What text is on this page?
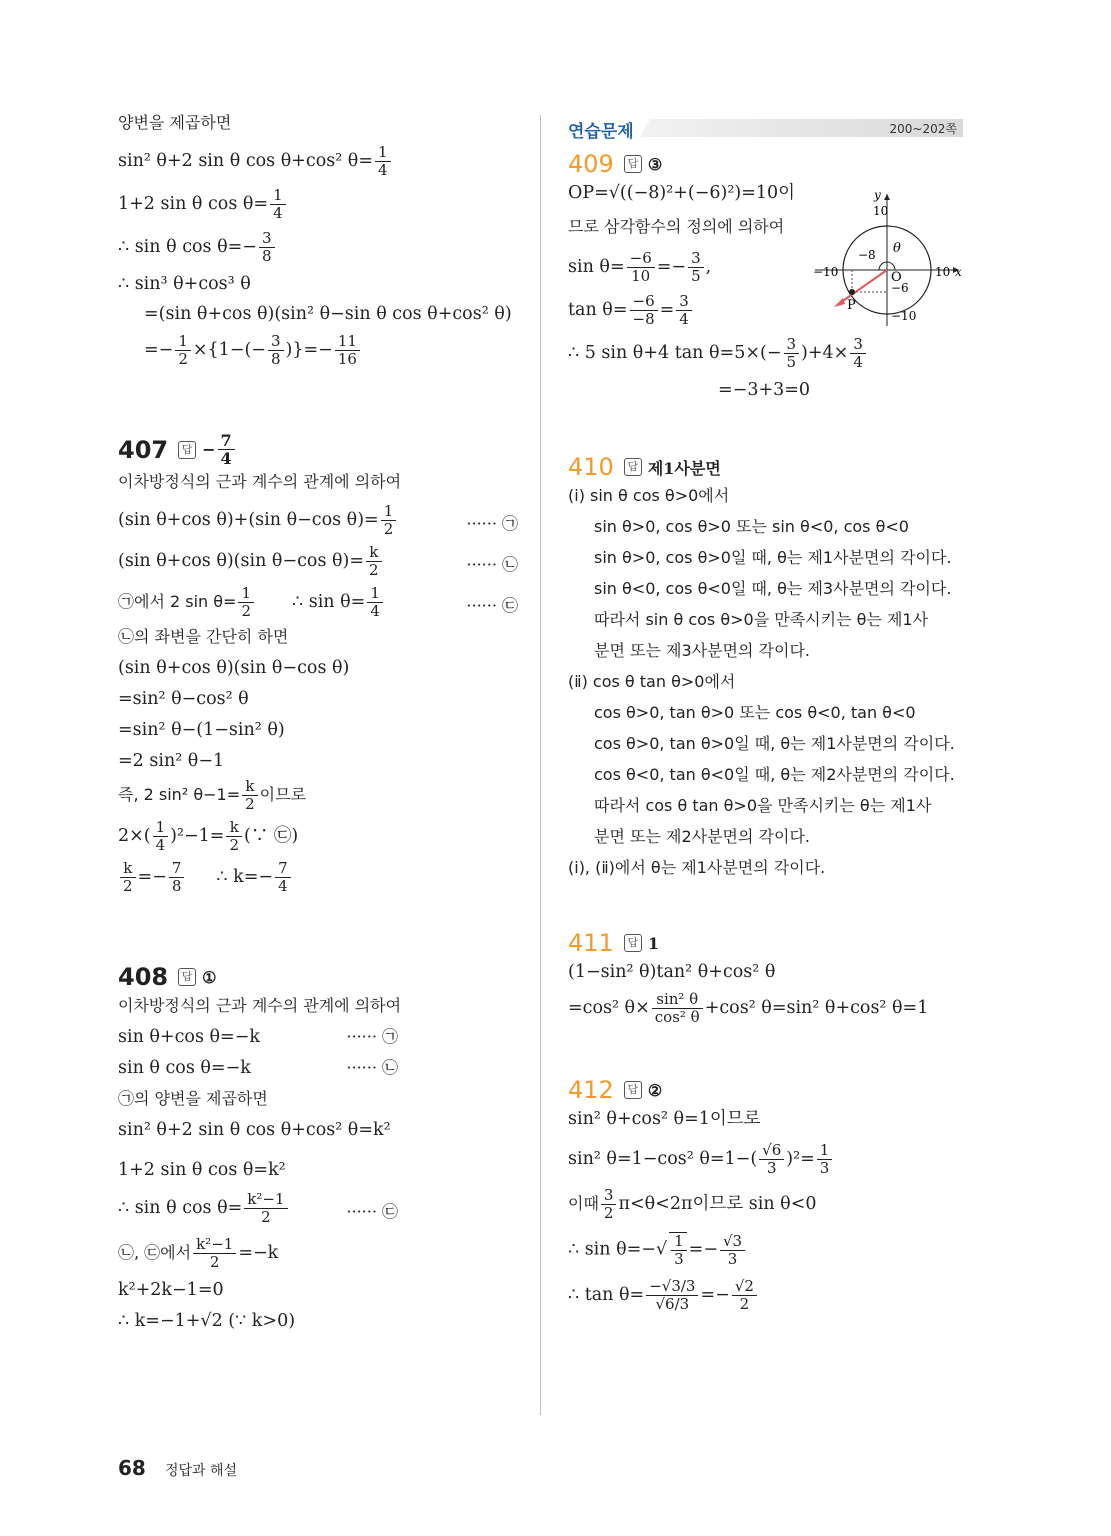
연습문제	200~202쪽
양변을 제곱하면
sin² θ+2 sin θ cos θ+cos² $\theta= \frac{1}{4}$
1+2 sin θ $\cos \theta= \frac{1}{4}$
∴ sin θ $\cos \theta=- \frac{3}{8}$
∴ sin³ θ+cos³ θ
=(sin θ+cos θ)(sin² θ−sin θ cos θ+cos² θ)
=− $\frac{1}{2} \times\{1-(- \frac{3}{8}$ )}=− $\frac{11}{16}$
407	답 − $\frac{7}{4}$
이차방정식의 근과 계수의 관계에 의하여
(sin θ+cos θ)+(sin θ−cos $\theta)= \frac{1}{2}$	······ ㉠
(sin θ+cos θ)(sin θ−cos $\theta)= \frac{k}{2}$	······ ㉡
㉠에서 2 $\sin \theta= \frac{1}{2}$ ∴ $\sin \theta= \frac{1}{4}$	······ ㉢
㉡의 좌변을 간단히 하면
(sin θ+cos θ)(sin θ−cos θ)
=sin² θ−cos² θ
=sin² θ−(1−sin² θ)
=2 sin² θ−1
즉, 2 sin² $\theta-1= \frac{k}{2}$ 이므로
$2\times( \frac{1}{4} )^2-1= \frac{k}{2}$ (∵ ㉢)
$\frac{k}{2} =- \frac{7}{8}$ ∴ $k=- \frac{7}{4}$
408	답 ①
이차방정식의 근과 계수의 관계에 의하여
sin θ+cos θ=−k	······ ㉠
sin θ cos θ=−k	······ ㉡
㉠의 양변을 제곱하면
sin² θ+2 sin θ cos θ+cos² θ=k²
1+2 sin θ cos θ=k²
∴ sin θ $\cos \theta= \frac{\text{k²−1}}{2}$	······ ㉢
㉡, ㉢에서 $\frac{\text{k²−1}}{2} =-k$
k²+2k−1=0
∴ k=−1+√2 (∵ k>0)
409	답 ③
OP=√((−8)²+(−6)²)=10이
므로 삼각함수의 정의에 의하여
$\sin \theta= \frac{-6}{10} =- \frac{3}{5}$ ,
$\tan \theta= \frac{-6}{-8} = \frac{3}{4}$
∴ 5 sin θ+4 $\tan \theta=5\times(- \frac{3}{5} )+4\times \frac{3}{4}$
=−3+3=0
410	답 제1사분면
(ⅰ) sin θ cos θ>0에서
sin θ>0, cos θ>0 또는 sin θ<0, cos θ<0
sin θ>0, cos θ>0일 때, θ는 제1사분면의 각이다.
sin θ<0, cos θ<0일 때, θ는 제3사분면의 각이다.
따라서 sin θ cos θ>0을 만족시키는 θ는 제1사
분면 또는 제3사분면의 각이다.
(ⅱ) cos θ tan θ>0에서
cos θ>0, tan θ>0 또는 cos θ<0, tan θ<0
cos θ>0, tan θ>0일 때, θ는 제1사분면의 각이다.
cos θ<0, tan θ<0일 때, θ는 제2사분면의 각이다.
따라서 cos θ tan θ>0을 만족시키는 θ는 제1사
분면 또는 제2사분면의 각이다.
(ⅰ), (ⅱ)에서 θ는 제1사분면의 각이다.
411	답 1
(1−sin² θ)tan² θ+cos² θ
=cos² $\theta\times \frac{\text{sin² θ}}{\text{cos² θ}} +\cos^2$ θ=sin² θ+cos² θ=1
412	답 ②
sin² θ+cos² θ=1이므로
sin² θ=1−cos² $\theta=1-( \frac{√6}{3} )^2= \frac{1}{3}$
이때 $\frac{3}{2} \pi<\theta<2\pi$이므로 sin θ<0
∴ $\sin \theta=-√ \frac{1}{3} =- \frac{√3}{3}$
∴ $\tan \theta= \frac{-√3/3}{√6/3} =- \frac{√2}{2}$
y
x
O
P
θ
10
−10
−10	10
−8
−6
68 정답과 해설
